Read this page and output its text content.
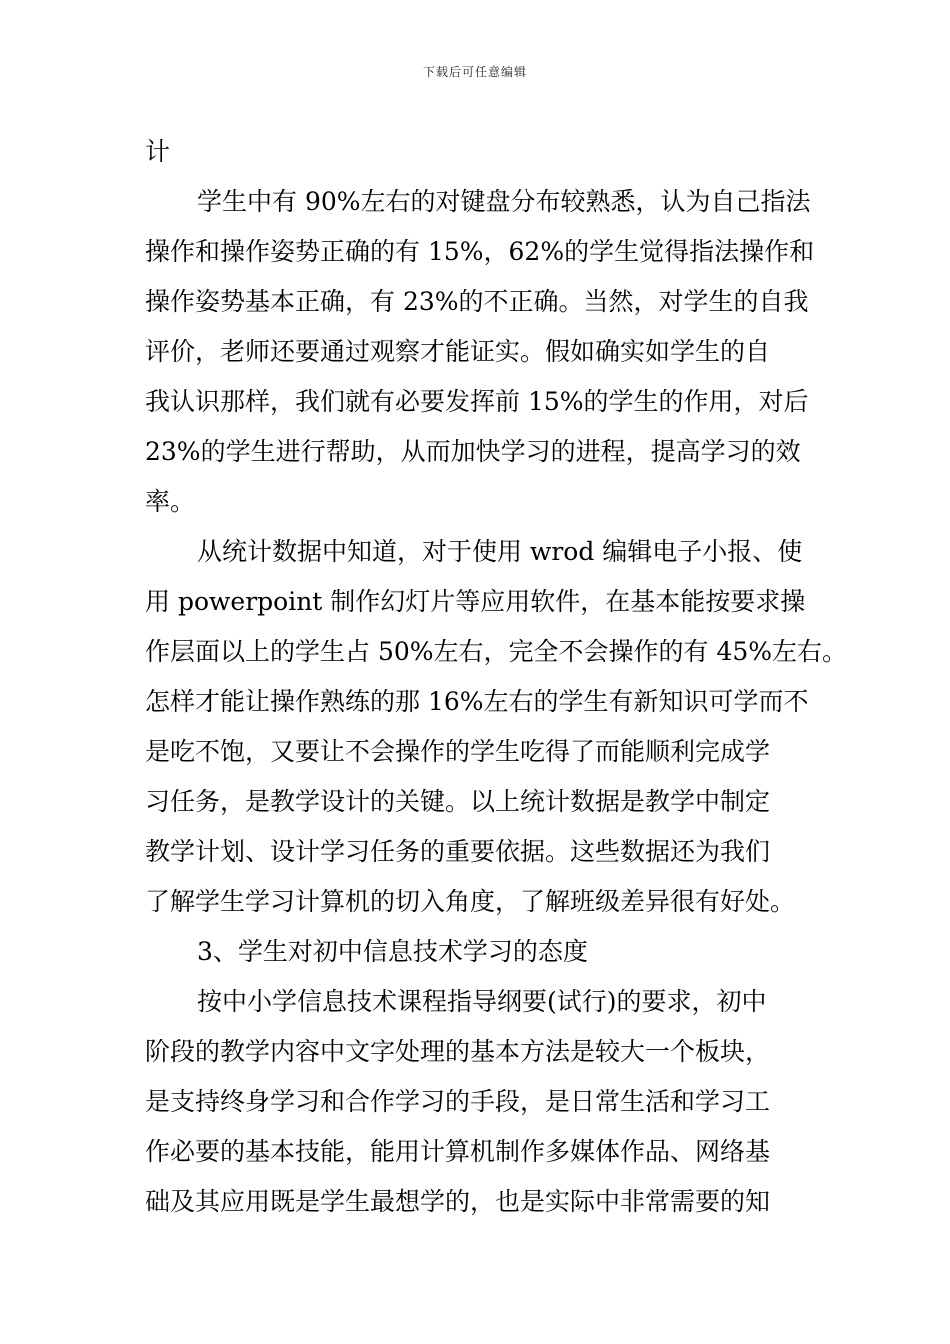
下载后可任意编辑
计
学生中有 90%左右的对键盘分布较熟悉，认为自己指法
操作和操作姿势正确的有 15%，62%的学生觉得指法操作和
操作姿势基本正确，有 23%的不正确。当然，对学生的自我
评价，老师还要通过观察才能证实。假如确实如学生的自
我认识那样，我们就有必要发挥前 15%的学生的作用，对后
23%的学生进行帮助，从而加快学习的进程，提高学习的效
率。
从统计数据中知道，对于使用 wrod 编辑电子小报、使
用 powerpoint 制作幻灯片等应用软件，在基本能按要求操
作层面以上的学生占 50%左右，完全不会操作的有 45%左右。
怎样才能让操作熟练的那 16%左右的学生有新知识可学而不
是吃不饱，又要让不会操作的学生吃得了而能顺利完成学
习任务，是教学设计的关键。以上统计数据是教学中制定
教学计划、设计学习任务的重要依据。这些数据还为我们
了解学生学习计算机的切入角度，了解班级差异很有好处。
3、学生对初中信息技术学习的态度
按中小学信息技术课程指导纲要(试行)的要求，初中
阶段的教学内容中文字处理的基本方法是较大一个板块，
是支持终身学习和合作学习的手段，是日常生活和学习工
作必要的基本技能，能用计算机制作多媒体作品、网络基
础及其应用既是学生最想学的，也是实际中非常需要的知
